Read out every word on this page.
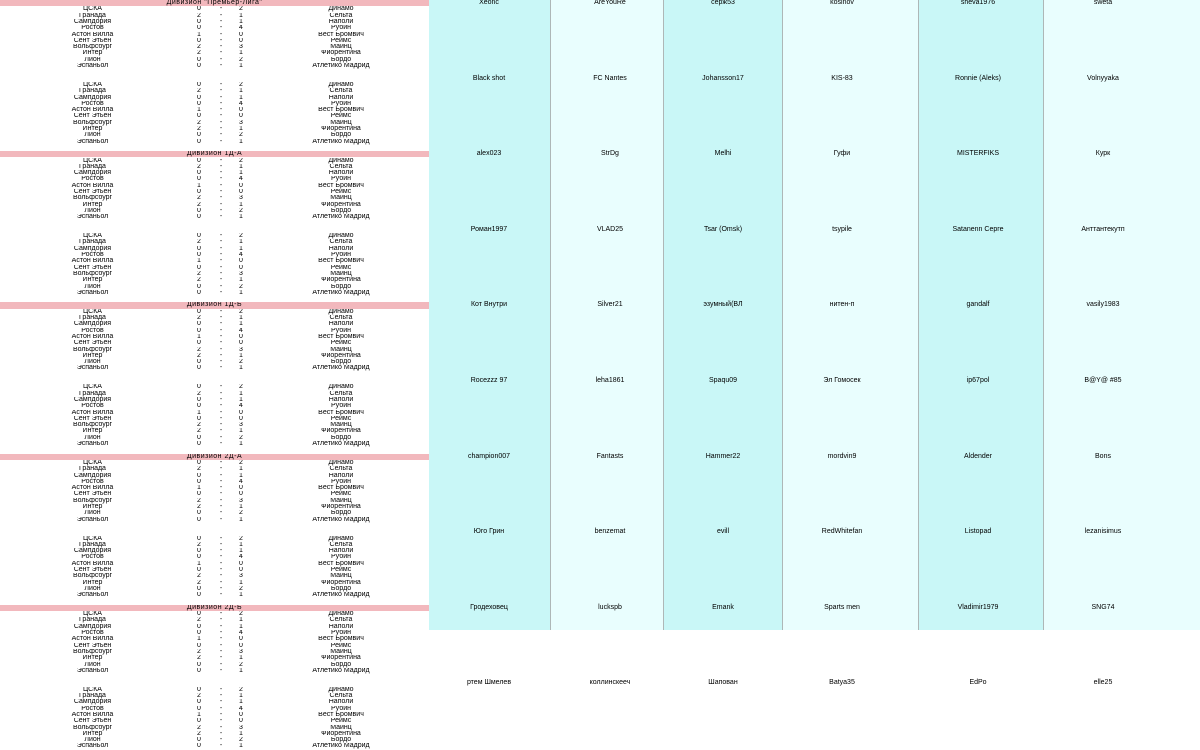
Дивизион "Премьер-Лига"	Xeonc	AreYouRe	серж53	kosinov	sheva1976	sweta
ЦСКА	0	-	2	Динамо
Гранада	2	-	1	Сельта
Сампдория	0	-	1	Наполи
Ростов	0	-	4	Рубин
Астон Вилла	1	-	0	Вест Бромвич
Сент Этьен	0	-	0	Реймс
Вольфсбург	2	-	3	Майнц
Интер	2	-	1	Фиорентина
Лион	0	-	2	Бордо
Эспаньол	0	-	1	Атлетико Мадрид
Black shot	FC Nantes	Johansson17	KIS-83	Ronnie (Aleks)	Volnyyaka
ЦСКА	0	-	2	Динамо
Гранада	2	-	1	Сельта
Сампдория	0	-	1	Наполи
Ростов	0	-	4	Рубин
Астон Вилла	1	-	0	Вест Бромвич
Сент Этьен	0	-	0	Реймс
Вольфсбург	2	-	3	Майнц
Интер	2	-	1	Фиорентина
Лион	0	-	2	Бордо
Эспаньол	0	-	1	Атлетико Мадрид
Дивизион 1Д-А	alex023	StrDg	Melhi	Гуфи	MISTERFIKS	Курк
ЦСКА	0	-	2	Динамо
Гранада	2	-	1	Сельта
Сампдория	0	-	1	Наполи
Ростов	0	-	4	Рубин
Астон Вилла	1	-	0	Вест Бромвич
Сент Этьен	0	-	0	Реймс
Вольфсбург	2	-	3	Майнц
Интер	2	-	1	Фиорентина
Лион	0	-	2	Бордо
Эспаньол	0	-	1	Атлетико Мадрид
Роман1997	VLAD25	Tsar (Omsk)	tsypile	Satanenn Серге	Анттантекутп
ЦСКА	0	-	2	Динамо
Гранада	2	-	1	Сельта
Сампдория	0	-	1	Наполи
Ростов	0	-	4	Рубин
Астон Вилла	1	-	0	Вест Бромвич
Сент Этьен	0	-	0	Реймс
Вольфсбург	2	-	3	Майнц
Интер	2	-	1	Фиорентина
Лион	0	-	2	Бордо
Эспаньол	0	-	1	Атлетико Мадрид
Дивизион 1Д-Б	Кот Внутри	Silver21	эзумный(ВЛ	нитен-п	gandalf	vasily1983
ЦСКА	0	-	2	Динамо
Гранада	2	-	1	Сельта
Сампдория	0	-	1	Наполи
Ростов	0	-	4	Рубин
Астон Вилла	1	-	0	Вест Бромвич
Сент Этьен	0	-	0	Реймс
Вольфсбург	2	-	3	Майнц
Интер	2	-	1	Фиорентина
Лион	0	-	2	Бордо
Эспаньол	0	-	1	Атлетико Мадрид
Rocezzz 97	leha1861	Spaqu09	Эл Гомосек	ip67pol	B@Y@ #85
ЦСКА	0	-	2	Динамо
Гранада	2	-	1	Сельта
Сампдория	0	-	1	Наполи
Ростов	0	-	4	Рубин
Астон Вилла	1	-	0	Вест Бромвич
Сент Этьен	0	-	0	Реймс
Вольфсбург	2	-	3	Майнц
Интер	2	-	1	Фиорентина
Лион	0	-	2	Бордо
Эспаньол	0	-	1	Атлетико Мадрид
Дивизион 2Д-А	champion007	Fantasts	Hammer22	mordvin9	Aldender	Bons
ЦСКА	0	-	2	Динамо
Гранада	2	-	1	Сельта
Сампдория	0	-	1	Наполи
Ростов	0	-	4	Рубин
Астон Вилла	1	-	0	Вест Бромвич
Сент Этьен	0	-	0	Реймс
Вольфсбург	2	-	3	Майнц
Интер	2	-	1	Фиорентина
Лион	0	-	2	Бордо
Эспаньол	0	-	1	Атлетико Мадрид
Юго Грин	benzemat	evill	RedWhitefan	Listopad	lezanisimus
ЦСКА	0	-	2	Динамо
Гранада	2	-	1	Сельта
Сампдория	0	-	1	Наполи
Ростов	0	-	4	Рубин
Астон Вилла	1	-	0	Вест Бромвич
Сент Этьен	0	-	0	Реймс
Вольфсбург	2	-	3	Майнц
Интер	2	-	1	Фиорентина
Лион	0	-	2	Бордо
Эспаньол	0	-	1	Атлетико Мадрид
Дивизион 2Д-Б	Гродеховец	luckspb	Emank	Sparts men	Vladimir1979	SNG74
ЦСКА	0	-	2	Динамо
Гранада	2	-	1	Сельта
Сампдория	0	-	1	Наполи
Ростов	0	-	4	Рубин
Астон Вилла	1	-	0	Вест Бромвич
Сент Этьен	0	-	0	Реймс
Вольфсбург	2	-	3	Майнц
Интер	2	-	1	Фиорентина
Лион	0	-	2	Бордо
Эспаньол	0	-	1	Атлетико Мадрид
ртем Шмелев	коллинскееч	Шапован	Batya35	EdPo	elle25
ЦСКА	0	-	2	Динамо
Гранада	2	-	1	Сельта
Сампдория	0	-	1	Наполи
Ростов	0	-	4	Рубин
Астон Вилла	1	-	0	Вест Бромвич
Сент Этьен	0	-	0	Реймс
Вольфсбург	2	-	3	Майнц
Интер	2	-	1	Фиорентина
Лион	0	-	2	Бордо
Эспаньол	0	-	1	Атлетико Мадрид
